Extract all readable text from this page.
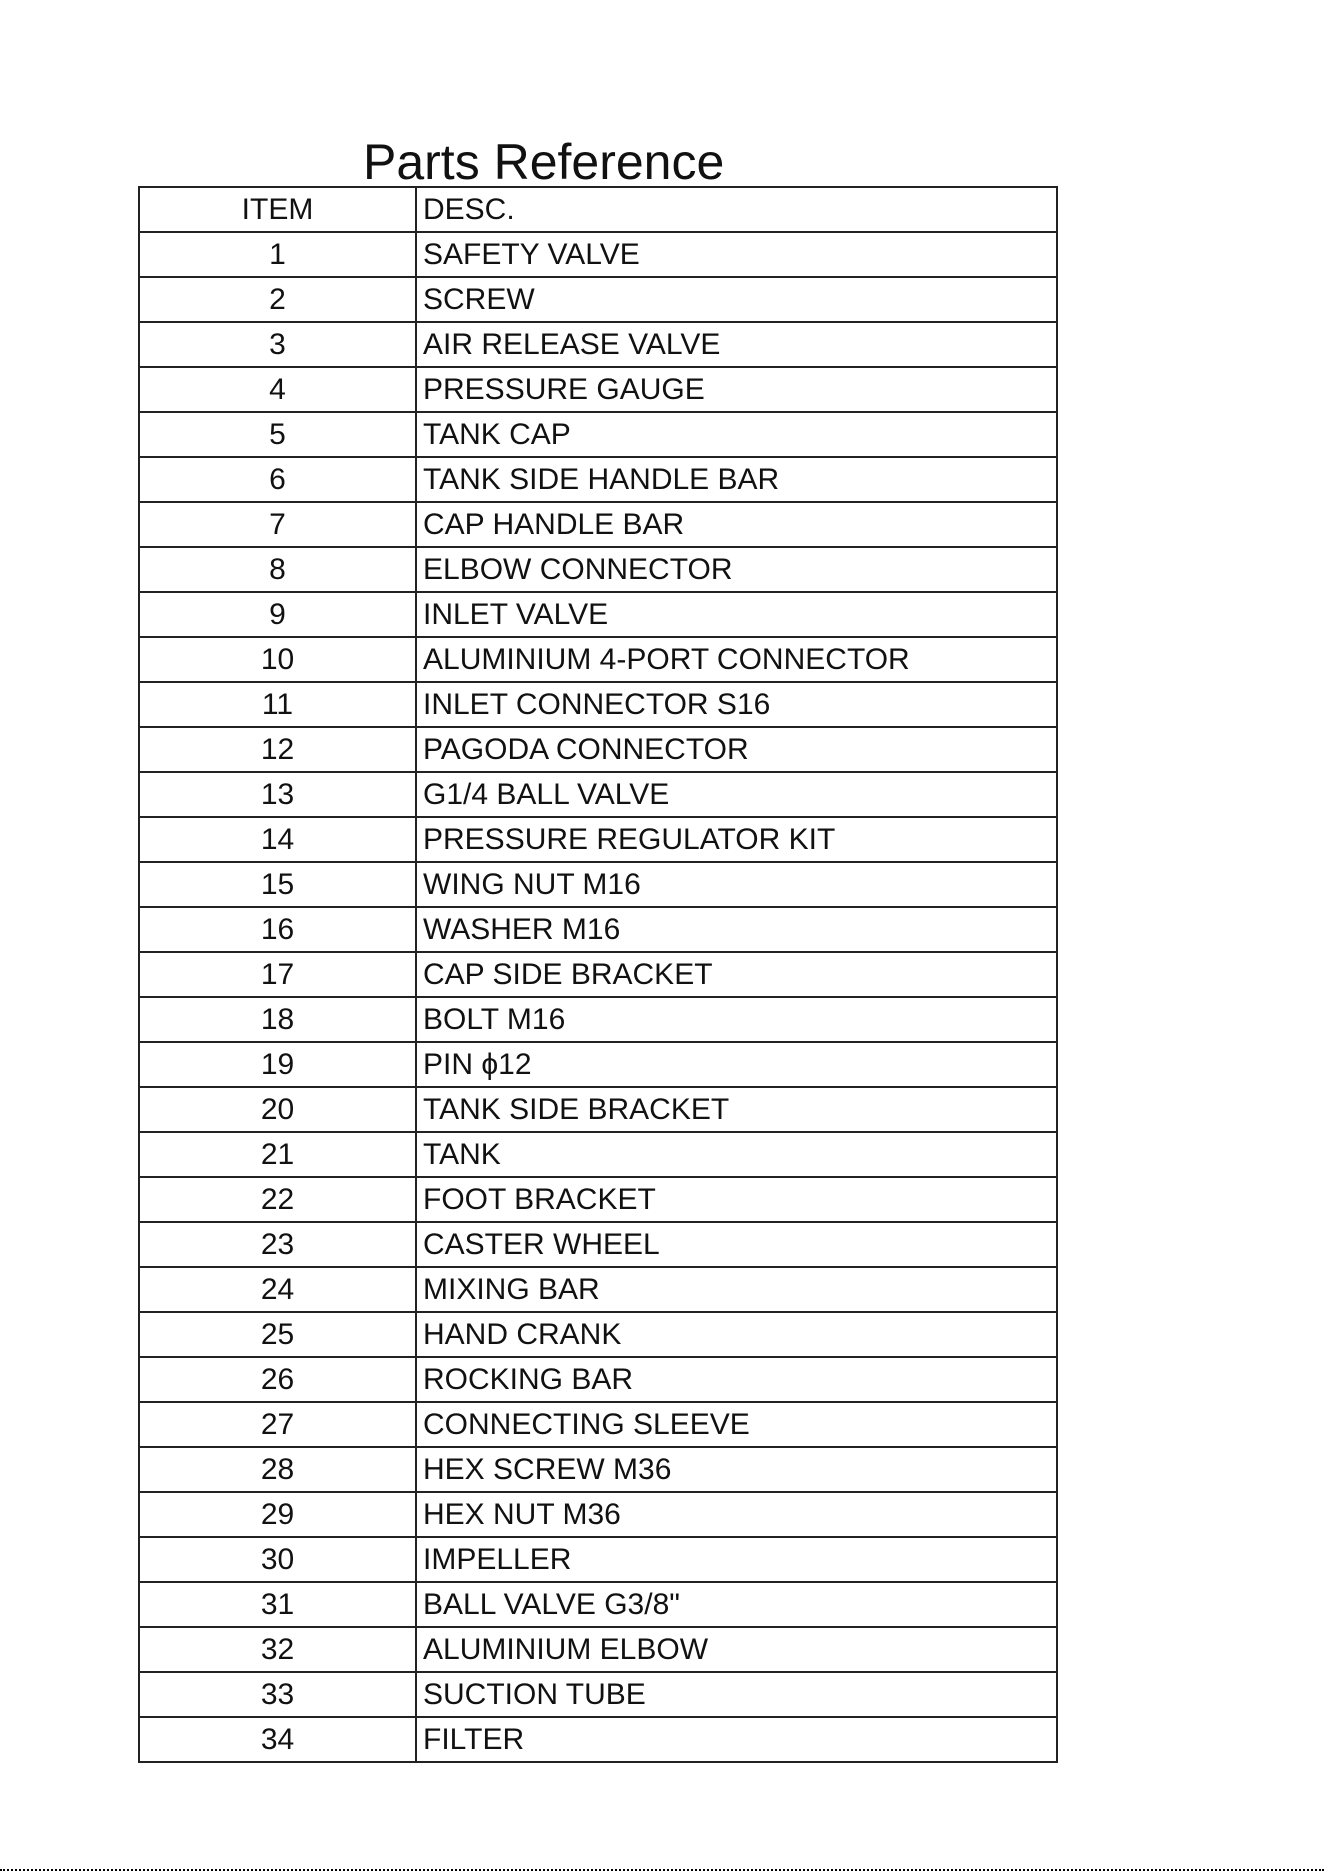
Parts Reference
ITEM	DESC.
1	SAFETY VALVE
2	SCREW
3	AIR RELEASE VALVE
4	PRESSURE GAUGE
5	TANK CAP
6	TANK SIDE HANDLE BAR
7	CAP HANDLE BAR
8	ELBOW CONNECTOR
9	INLET VALVE
10	ALUMINIUM 4-PORT CONNECTOR
11	INLET CONNECTOR S16
12	PAGODA CONNECTOR
13	G1/4 BALL VALVE
14	PRESSURE REGULATOR KIT
15	WING NUT M16
16	WASHER M16
17	CAP SIDE BRACKET
18	BOLT M16
19	PIN ϕ12
20	TANK SIDE BRACKET
21	TANK
22	FOOT BRACKET
23	CASTER WHEEL
24	MIXING BAR
25	HAND CRANK
26	ROCKING BAR
27	CONNECTING SLEEVE
28	HEX SCREW M36
29	HEX NUT M36
30	IMPELLER
31	BALL VALVE G3/8"
32	ALUMINIUM ELBOW
33	SUCTION TUBE
34	FILTER
